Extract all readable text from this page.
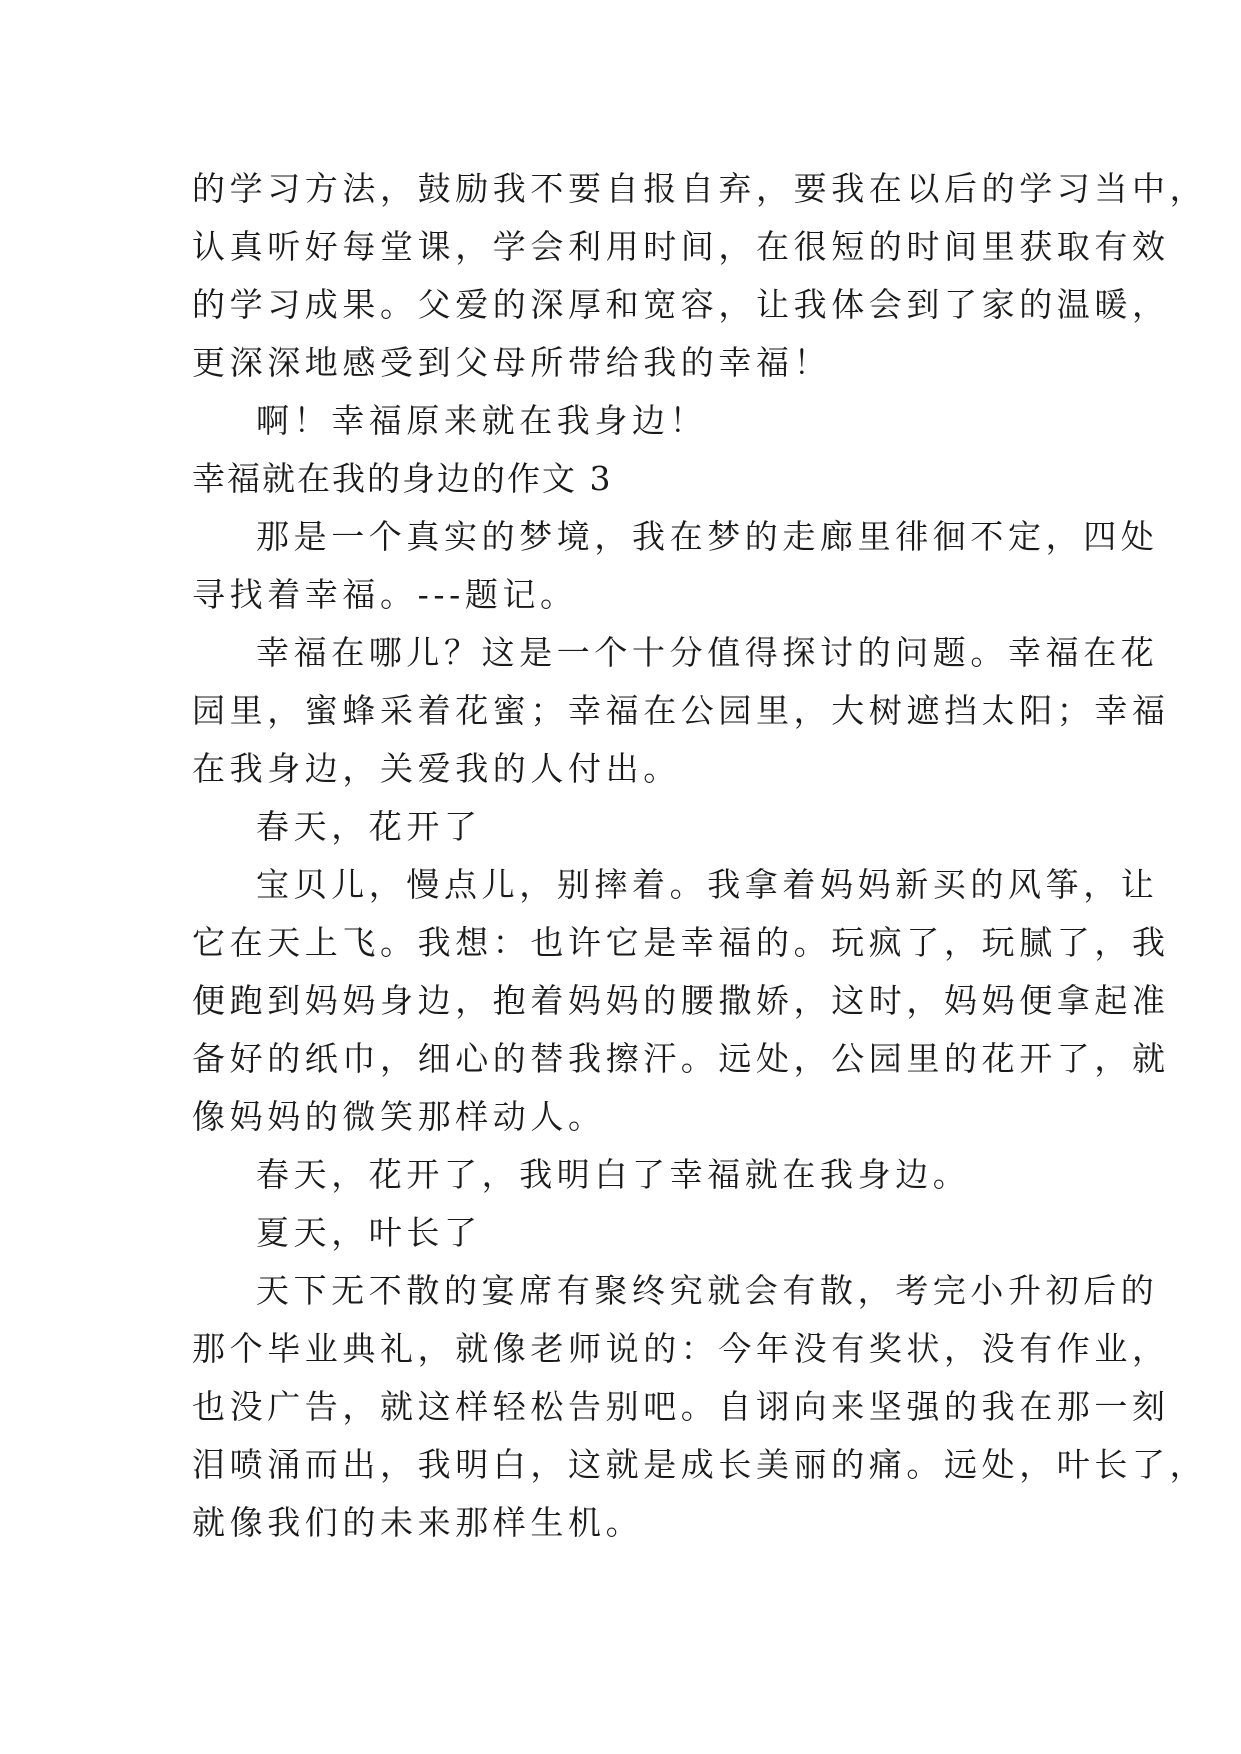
的学习方法，鼓励我不要自报自弃，要我在以后的学习当中，
认真听好每堂课，学会利用时间，在很短的时间里获取有效
的学习成果。父爱的深厚和宽容，让我体会到了家的温暖，
更深深地感受到父母所带给我的幸福！
啊！幸福原来就在我身边！
幸福就在我的身边的作文 3
那是一个真实的梦境，我在梦的走廊里徘徊不定，四处
寻找着幸福。---题记。
幸福在哪儿？这是一个十分值得探讨的问题。幸福在花
园里，蜜蜂采着花蜜；幸福在公园里，大树遮挡太阳；幸福
在我身边，关爱我的人付出。
春天，花开了
宝贝儿，慢点儿，别摔着。我拿着妈妈新买的风筝，让
它在天上飞。我想：也许它是幸福的。玩疯了，玩腻了，我
便跑到妈妈身边，抱着妈妈的腰撒娇，这时，妈妈便拿起准
备好的纸巾，细心的替我擦汗。远处，公园里的花开了，就
像妈妈的微笑那样动人。
春天，花开了，我明白了幸福就在我身边。
夏天，叶长了
天下无不散的宴席有聚终究就会有散，考完小升初后的
那个毕业典礼，就像老师说的：今年没有奖状，没有作业，
也没广告，就这样轻松告别吧。自诩向来坚强的我在那一刻
泪喷涌而出，我明白，这就是成长美丽的痛。远处，叶长了，
就像我们的未来那样生机。
